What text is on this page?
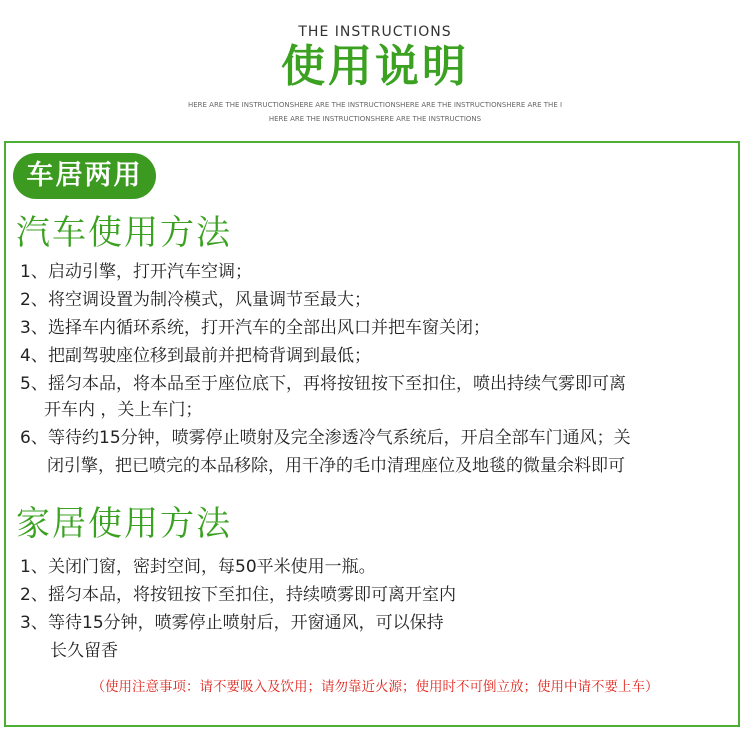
THE INSTRUCTIONS
使用说明
HERE ARE THE INSTRUCTIONSHERE ARE THE INSTRUCTIONSHERE ARE THE INSTRUCTIONSHERE ARE THE I
HERE ARE THE INSTRUCTIONSHERE ARE THE INSTRUCTIONS
车居两用
汽车使用方法
1、启动引擎，打开汽车空调；
2、将空调设置为制冷模式，风量调节至最大；
3、选择车内循环系统，打开汽车的全部出风口并把车窗关闭；
4、把副驾驶座位移到最前并把椅背调到最低；
5、摇匀本品，将本品至于座位底下，再将按钮按下至扣住，喷出持续气雾即可离
开车内 ，关上车门；
6、等待约15分钟，喷雾停止喷射及完全渗透冷气系统后，开启全部车门通风；关
闭引擎，把已喷完的本品移除，用干净的毛巾清理座位及地毯的微量余料即可
家居使用方法
1、关闭门窗，密封空间，每50平米使用一瓶。
2、摇匀本品，将按钮按下至扣住，持续喷雾即可离开室内
3、等待15分钟，喷雾停止喷射后，开窗通风，可以保持
长久留香
（使用注意事项：请不要吸入及饮用；请勿靠近火源；使用时不可倒立放；使用中请不要上车）
